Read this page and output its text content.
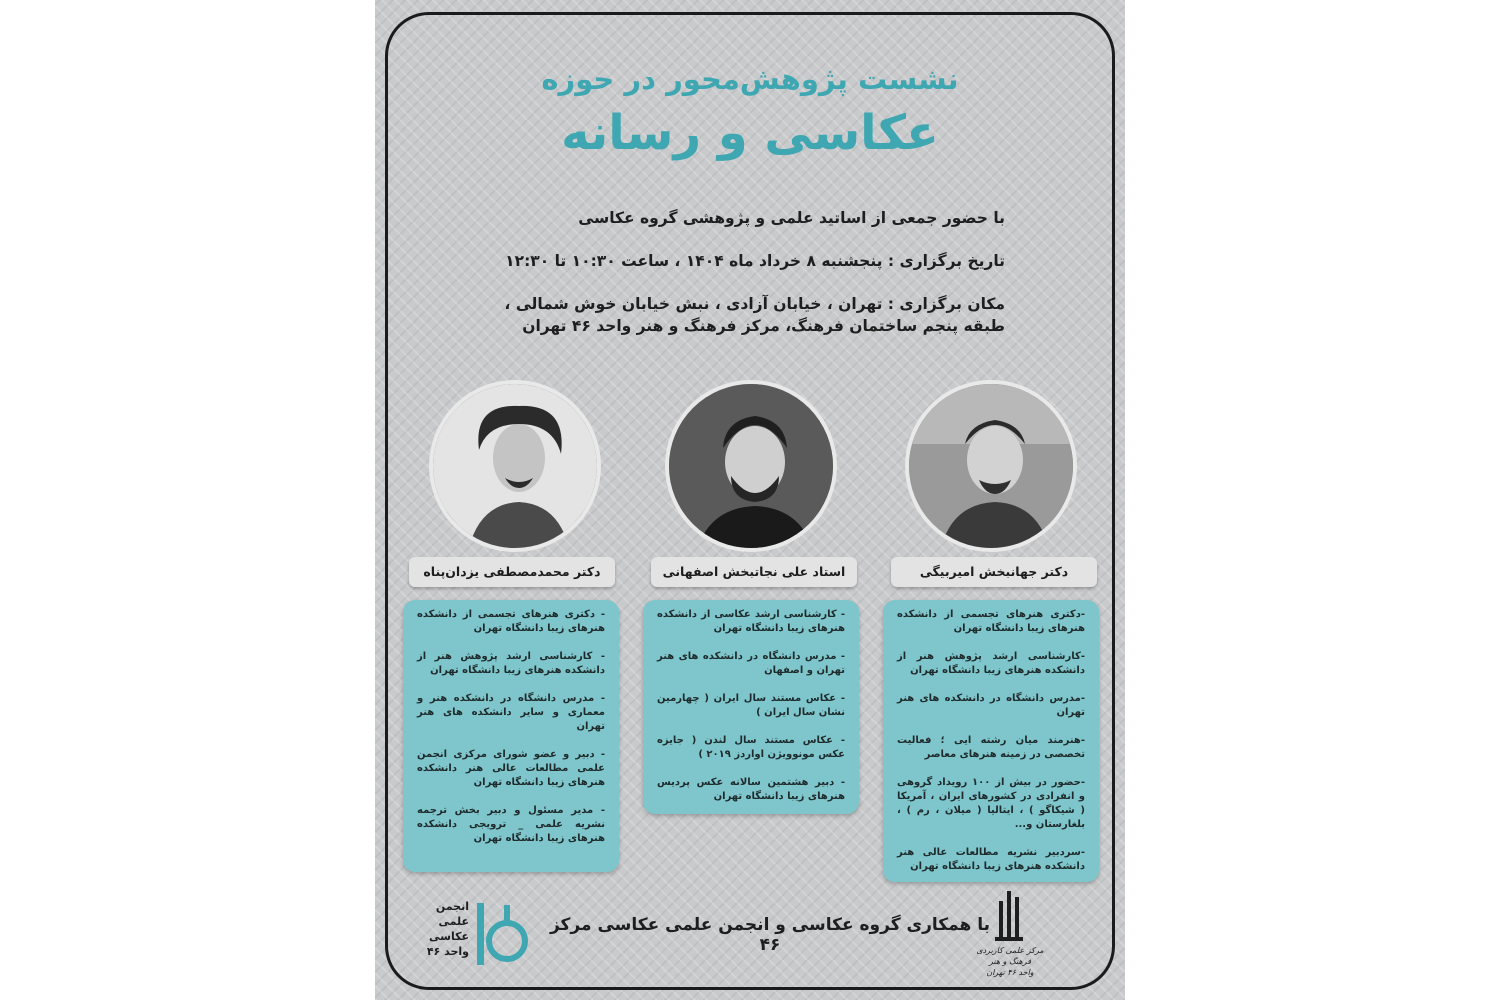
نشست پژوهش‌محور در حوزه
عکاسی و رسانه
با حضور جمعی از اساتید علمی و پژوهشی گروه عکاسی
تاریخ برگزاری : پنجشنبه ۸ خرداد ماه ۱۴۰۴ ، ساعت ۱۰:۳۰ تا ۱۲:۳۰
مکان برگزاری : تهران ، خیابان آزادی ، نبش خیابان خوش شمالی ،
طبقه پنجم ساختمان فرهنگ، مرکز فرهنگ و هنر واحد ۴۶ تهران
دکتر جهانبخش امیربیگی
استاد علی نجاتبخش اصفهانی
دکتر محمدمصطفی یزدان‌پناه
-دکتری هنرهای تجسمی از دانشکده هنرهای زیبا دانشگاه تهران
-کارشناسی ارشد پژوهش هنر از دانشکده هنرهای زیبا دانشگاه تهران
-مدرس دانشگاه در دانشکده های هنر تهران
-هنرمند میان رشته ایی ؛ فعالیت تخصصی در زمینه هنرهای معاصر
-حضور در بیش از ۱۰۰ رویداد گروهی و انفرادی در کشورهای ایران ، آمریکا ( شیکاگو ) ، ایتالیا ( میلان ، رم ) ، بلغارستان و...
-سردبیر نشریه مطالعات عالی هنر دانشکده هنرهای زیبا دانشگاه تهران
- کارشناسی ارشد عکاسی از دانشکده هنرهای زیبا دانشگاه تهران
- مدرس دانشگاه در دانشکده های هنر تهران و اصفهان
- عکاس مستند سال ایران ( چهارمین نشان سال ایران )
- عکاس مستند سال لندن ( جایزه عکس مونوویژن اواردز ۲۰۱۹ )
- دبیر هشتمین سالانه عکس پردیس هنرهای زیبا دانشگاه تهران
- دکتری هنرهای تجسمی از دانشکده هنرهای زیبا دانشگاه تهران
- کارشناسی ارشد پژوهش هنر از دانشکده هنرهای زیبا دانشگاه تهران
- مدرس دانشگاه در دانشکده هنر و معماری و سایر دانشکده های هنر تهران
- دبیر و عضو شورای مرکزی انجمن علمی مطالعات عالی هنر دانشکده هنرهای زیبا دانشگاه تهران
- مدیر مسئول و دبیر بخش ترجمه نشریه علمی _ ترویجی دانشکده هنرهای زیبا دانشگاه تهران
انجمن
علمی
عکاسی
واحد ۴۶
با همکاری گروه عکاسی و انجمن علمی عکاسی مرکز ۴۶	مرکز علمی کاربردی فرهنگ و هنر
واحد ۴۶ تهران
